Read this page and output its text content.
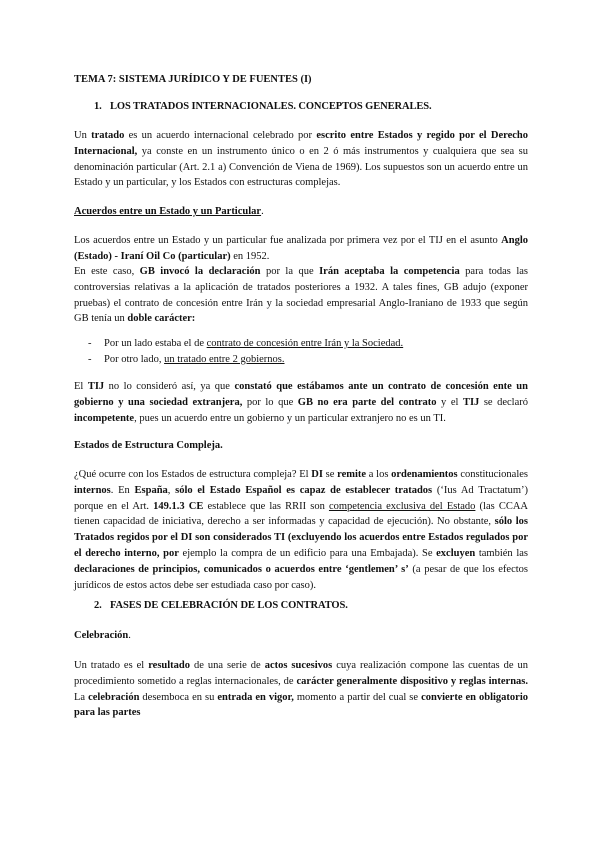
TEMA 7: SISTEMA JURÍDICO Y DE FUENTES (I)
1. LOS TRATADOS INTERNACIONALES. CONCEPTOS GENERALES.

Un tratado es un acuerdo internacional celebrado por escrito entre Estados y regido por el Derecho Internacional, ya conste en un instrumento único o en 2 ó más instrumentos y cualquiera que sea su denominación particular (Art. 2.1 a) Convención de Viena de 1969). Los supuestos son un acuerdo entre un Estado y un particular, y los Estados con estructuras complejas.

Acuerdos entre un Estado y un Particular.

Los acuerdos entre un Estado y un particular fue analizada por primera vez por el TIJ en el asunto Anglo (Estado) - Iraní Oil Co (particular) en 1952.

En este caso, GB invocó la declaración por la que Irán aceptaba la competencia para todas las controversias relativas a la aplicación de tratados posteriores a 1932. A tales fines, GB adujo (exponer pruebas) el contrato de concesión entre Irán y la sociedad empresarial Anglo-Iraniano de 1933 que según GB tenía un doble carácter:

- Por un lado estaba el de contrato de concesión entre Irán y la Sociedad.
- Por otro lado, un tratado entre 2 gobiernos.

El TIJ no lo consideró así, ya que constató que estábamos ante un contrato de concesión ente un gobierno y una sociedad extranjera, por lo que GB no era parte del contrato y el TIJ se declaró incompetente, pues un acuerdo entre un gobierno y un particular extranjero no es un TI.

Estados de Estructura Compleja.

¿Qué ocurre con los Estados de estructura compleja? El DI se remite a los ordenamientos constitucionales internos. En España, sólo el Estado Español es capaz de establecer tratados (‘Ius Ad Tractatum’) porque en el Art. 149.1.3 CE establece que las RRII son competencia exclusiva del Estado (las CCAA tienen capacidad de iniciativa, derecho a ser informadas y capacidad de ejecución). No obstante, sólo los Tratados regidos por el DI son considerados TI (excluyendo los acuerdos entre Estados regulados por el derecho interno, por ejemplo la compra de un edificio para una Embajada). Se excluyen también las declaraciones de principios, comunicados o acuerdos entre ‘gentlemen’ s’ (a pesar de que los efectos jurídicos de estos actos debe ser estudiada caso por caso).

2. FASES DE CELEBRACIÓN DE LOS CONTRATOS.
Celebración.

Un tratado es el resultado de una serie de actos sucesivos cuya realización compone las cuentas de un procedimiento sometido a reglas internacionales, de carácter generalmente dispositivo y reglas internas. La celebración desemboca en su entrada en vigor, momento a partir del cual se convierte en obligatorio para las partes
